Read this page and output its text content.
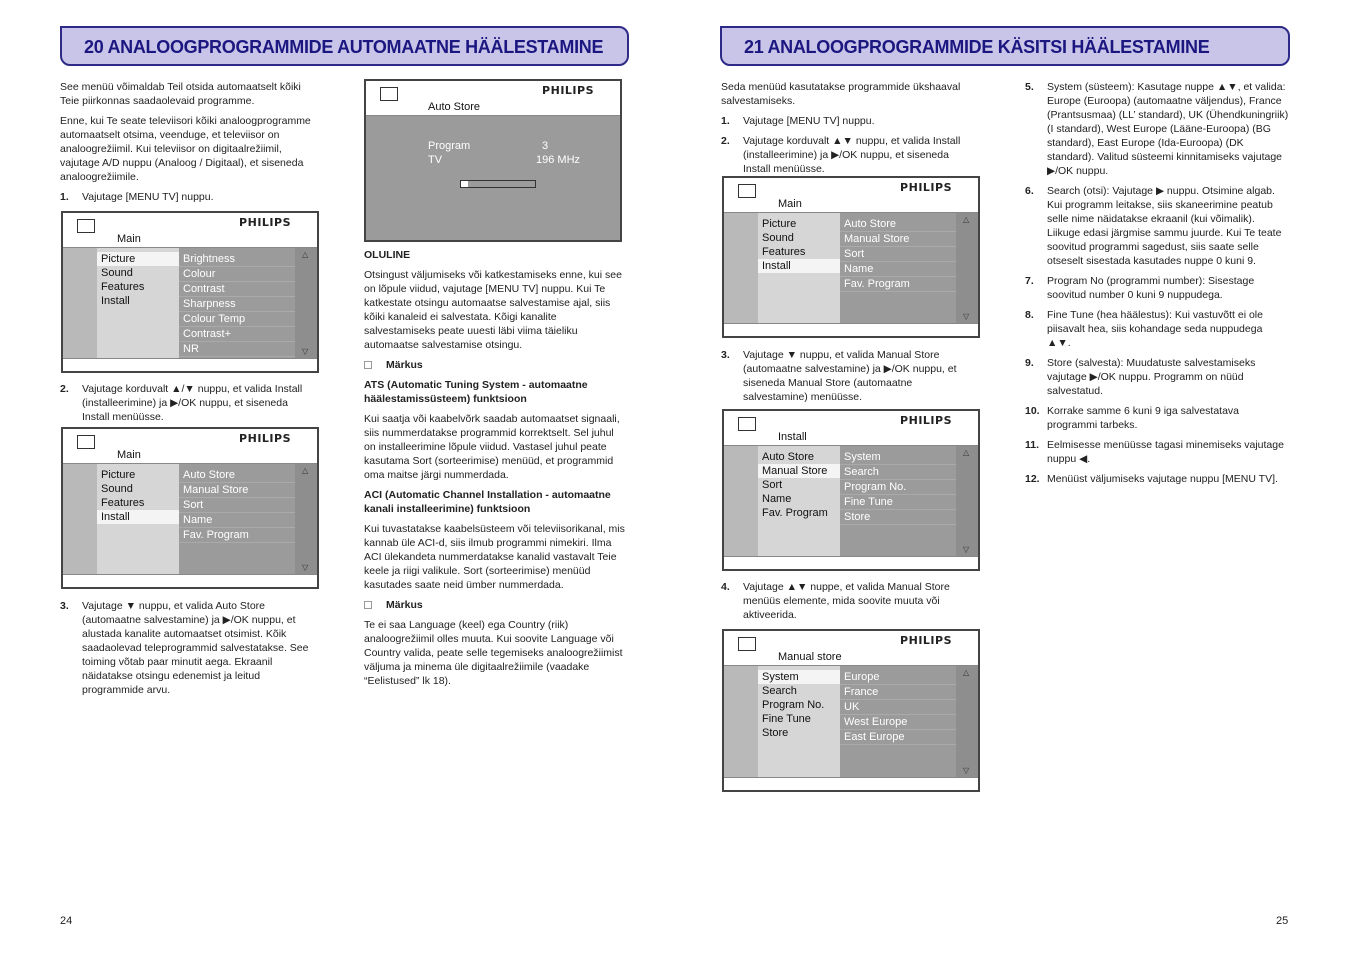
20 ANALOOGPROGRAMMIDE AUTOMAATNE HÄÄLESTAMINE

See menüü võimaldab Teil otsida automaatselt kõiki Teie piirkonnas saadaolevaid programme.

Enne, kui Te seate televiisori kõiki analoogprogramme automaatselt otsima, veenduge, et televiisor on analoogrežiimil. Kui televiisor on digitaalrežiimil, vajutage A/D nuppu (Analoog / Digitaal), et siseneda analoogrežiimile.

1. Vajutage [MENU TV] nuppu.
PHILIPS
Main
Picture
Sound
Features
Install
Brightness
Colour
Contrast
Sharpness
Colour Temp
Contrast+
NR
△
▽
2. Vajutage korduvalt ▲/▼ nuppu, et valida Install (installeerimine) ja ▶/OK nuppu, et siseneda Install menüüsse.
PHILIPS
Main
Picture
Sound
Features
Install
Auto Store
Manual Store
Sort
Name
Fav. Program
△
▽
3. Vajutage ▼ nuppu, et valida Auto Store (automaatne salvestamine) ja ▶/OK nuppu, et alustada kanalite automaatset otsimist. Kõik saadaolevad teleprogrammid salvestatakse. See toiming võtab paar minutit aega. Ekraanil näidatakse otsingu edenemist ja leitud programmide arvu.
PHILIPS
Auto Store
Program	3
TV	196 MHz

OLULINE

Otsingust väljumiseks või katkestamiseks enne, kui see on lõpule viidud, vajutage [MENU TV] nuppu. Kui Te katkestate otsingu automaatse salvestamise ajal, siis kõiki kanaleid ei salvestata. Kõigi kanalite salvestamiseks peate uuesti läbi viima täieliku automaatse salvestamise otsingu.

Märkus

ATS (Automatic Tuning System - automaatne häälestamissüsteem) funktsioon

Kui saatja või kaabelvõrk saadab automaatset signaali, siis nummerdatakse programmid korrektselt. Sel juhul on installeerimine lõpule viidud. Vastasel juhul peate kasutama Sort (sorteerimise) menüüd, et programmid oma maitse järgi nummerdada.

ACI (Automatic Channel Installation - automaatne kanali installeerimine) funktsioon

Kui tuvastatakse kaabelsüsteem või televiisorikanal, mis kannab üle ACI-d, siis ilmub programmi nimekiri. Ilma ACI ülekandeta nummerdatakse kanalid vastavalt Teie keele ja riigi valikule. Sort (sorteerimise) menüüd kasutades saate neid ümber nummerdada.

Märkus

Te ei saa Language (keel) ega Country (riik) analoogrežiimil olles muuta. Kui soovite Language või Country valida, peate selle tegemiseks analoogrežiimist väljuma ja minema üle digitaalrežiimile (vaadake “Eelistused” lk 18).

24
21 ANALOOGPROGRAMMIDE KÄSITSI HÄÄLESTAMINE

Seda menüüd kasutatakse programmide ükshaaval salvestamiseks.

1. Vajutage [MENU TV] nuppu.
2. Vajutage korduvalt ▲▼ nuppu, et valida Install (installeerimine) ja ▶/OK nuppu, et siseneda Install menüüsse.
PHILIPS
Main
Picture
Sound
Features
Install
Auto Store
Manual Store
Sort
Name
Fav. Program
△
▽
3. Vajutage ▼ nuppu, et valida Manual Store (automaatne salvestamine) ja ▶/OK nuppu, et siseneda Manual Store (automaatne salvestamine) menüüsse.
PHILIPS
Install
Auto Store
Manual Store
Sort
Name
Fav. Program
System
Search
Program No.
Fine Tune
Store
△
▽
4. Vajutage ▲▼ nuppe, et valida Manual Store menüüs elemente, mida soovite muuta või aktiveerida.
PHILIPS
Manual store
System
Search
Program No.
Fine Tune
Store
Europe
France
UK
West Europe
East Europe
△
▽
5. System (süsteem): Kasutage nuppe ▲▼, et valida: Europe (Euroopa) (automaatne väljendus), France (Prantsusmaa) (LL’ standard), UK (Ühendkuningriik) (I standard), West Europe (Lääne-Euroopa) (BG standard), East Europe (Ida-Euroopa) (DK standard). Valitud süsteemi kinnitamiseks vajutage ▶/OK nuppu.
6. Search (otsi): Vajutage ▶ nuppu. Otsimine algab. Kui programm leitakse, siis skaneerimine peatub selle nime näidatakse ekraanil (kui võimalik). Liikuge edasi järgmise sammu juurde. Kui Te teate soovitud programmi sagedust, siis saate selle otseselt sisestada kasutades nuppe 0 kuni 9.
7. Program No (programmi number): Sisestage soovitud number 0 kuni 9 nuppudega.
8. Fine Tune (hea häälestus): Kui vastuvõtt ei ole piisavalt hea, siis kohandage seda nuppudega ▲▼.
9. Store (salvesta): Muudatuste salvestamiseks vajutage ▶/OK nuppu. Programm on nüüd salvestatud.
10. Korrake samme 6 kuni 9 iga salvestatava programmi tarbeks.
11. Eelmisesse menüüsse tagasi minemiseks vajutage nuppu ◀.
12. Menüüst väljumiseks vajutage nuppu [MENU TV].
25
